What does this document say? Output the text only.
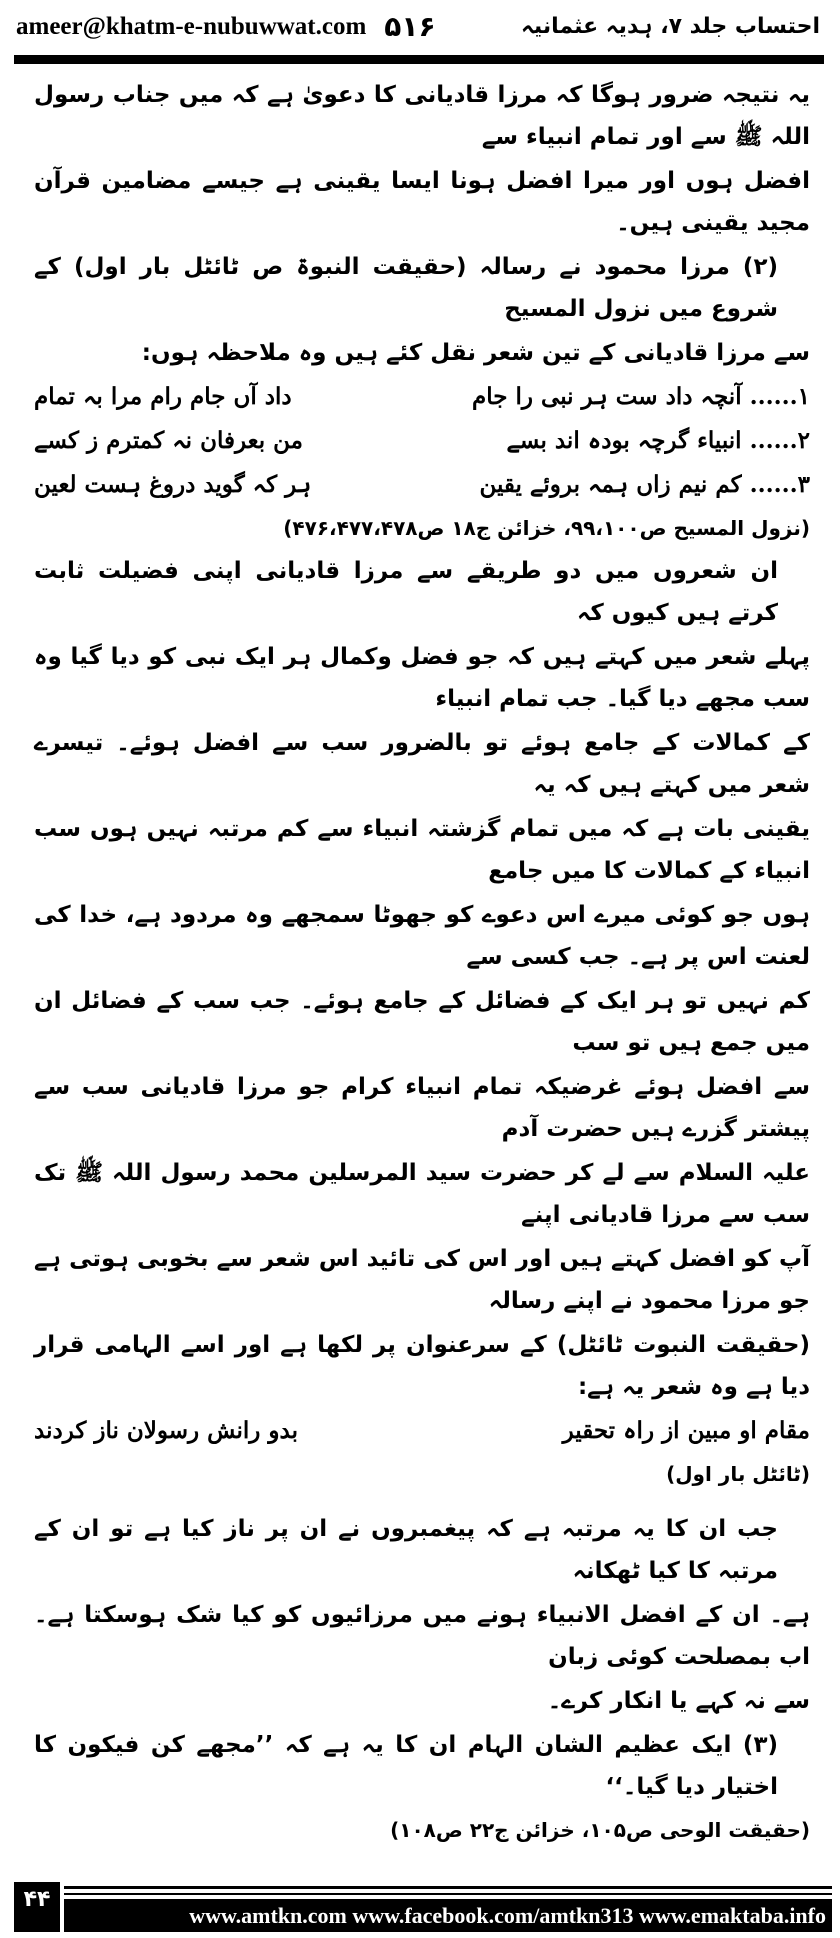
ameer@khatm-e-nubuwwat.com ۵۱۶	احتساب جلد ۷، ہدیہ عثمانیہ
یہ نتیجہ ضرور ہوگا کہ مرزا قادیانی کا دعویٰ ہے کہ میں جناب رسول اللہ ﷺ سے اور تمام انبیاء سے
افضل ہوں اور میرا افضل ہونا ایسا یقینی ہے جیسے مضامین قرآن مجید یقینی ہیں۔
(۲) مرزا محمود نے رسالہ (حقیقت النبوۃ ص ٹائٹل بار اول) کے شروع میں نزول المسیح
سے مرزا قادیانی کے تین شعر نقل کئے ہیں وہ ملاحظہ ہوں:
۱...... آنچہ داد ست ہر نبی را جام
داد آں جام رام مرا بہ تمام
۲...... انبیاء گرچہ بودہ اند بسے
من بعرفان نہ کمترم ز کسے
۳...... کم نیم زاں ہمہ بروئے یقین
ہر کہ گوید دروغ ہست لعین
(نزول المسیح ص۹۹،۱۰۰، خزائن ج۱۸ ص۴۷۶،۴۷۷،۴۷۸)
ان شعروں میں دو طریقے سے مرزا قادیانی اپنی فضیلت ثابت کرتے ہیں کیوں کہ
پہلے شعر میں کہتے ہیں کہ جو فضل وکمال ہر ایک نبی کو دیا گیا وہ سب مجھے دیا گیا۔ جب تمام انبیاء
کے کمالات کے جامع ہوئے تو بالضرور سب سے افضل ہوئے۔ تیسرے شعر میں کہتے ہیں کہ یہ
یقینی بات ہے کہ میں تمام گزشتہ انبیاء سے کم مرتبہ نہیں ہوں سب انبیاء کے کمالات کا میں جامع
ہوں جو کوئی میرے اس دعوے کو جھوٹا سمجھے وہ مردود ہے، خدا کی لعنت اس پر ہے۔ جب کسی سے
کم نہیں تو ہر ایک کے فضائل کے جامع ہوئے۔ جب سب کے فضائل ان میں جمع ہیں تو سب
سے افضل ہوئے غرضیکہ تمام انبیاء کرام جو مرزا قادیانی سب سے پیشتر گزرے ہیں حضرت آدم
علیہ السلام سے لے کر حضرت سید المرسلین محمد رسول اللہ ﷺ تک سب سے مرزا قادیانی اپنے
آپ کو افضل کہتے ہیں اور اس کی تائید اس شعر سے بخوبی ہوتی ہے جو مرزا محمود نے اپنے رسالہ
(حقیقت النبوت ٹائٹل) کے سرعنوان پر لکھا ہے اور اسے الہامی قرار دیا ہے وہ شعر یہ ہے:
مقام او مبین از راہ تحقیر
بدو رانش رسولان ناز کردند
(ٹائٹل بار اول)
جب ان کا یہ مرتبہ ہے کہ پیغمبروں نے ان پر ناز کیا ہے تو ان کے مرتبہ کا کیا ٹھکانہ
ہے۔ ان کے افضل الانبیاء ہونے میں مرزائیوں کو کیا شک ہوسکتا ہے۔ اب بمصلحت کوئی زبان
سے نہ کہے یا انکار کرے۔
(۳) ایک عظیم الشان الہام ان کا یہ ہے کہ ’’مجھے کن فیکون کا اختیار دیا گیا۔‘‘
(حقیقت الوحی ص۱۰۵، خزائن ج۲۲ ص۱۰۸)
۴۴
www.amtkn.com www.facebook.com/amtkn313 www.emaktaba.info
